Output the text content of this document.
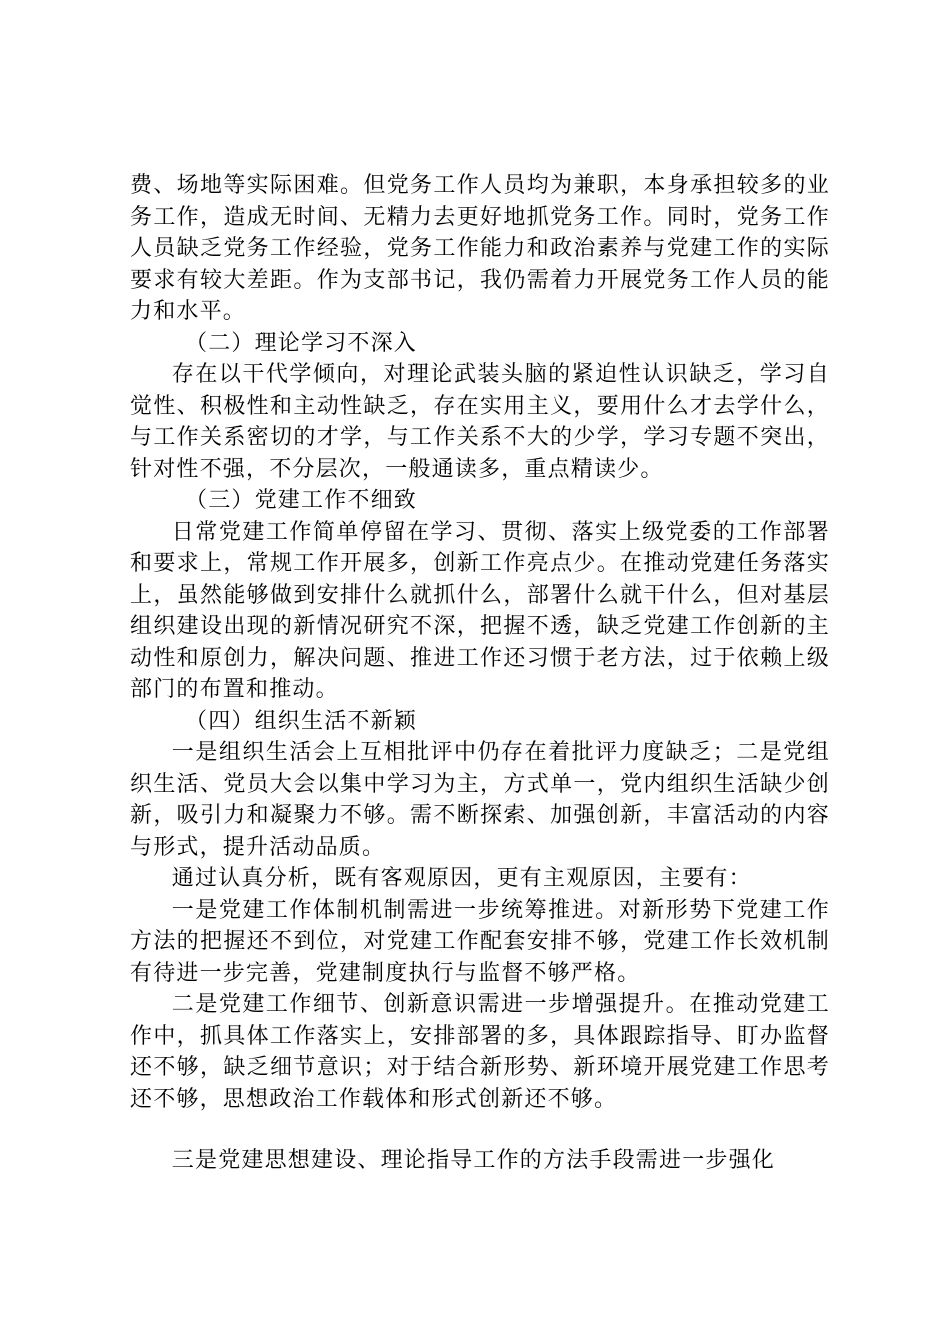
费、场地等实际困难。但党务工作人员均为兼职，本身承担较多的业务工作，造成无时间、无精力去更好地抓党务工作。同时，党务工作人员缺乏党务工作经验，党务工作能力和政治素养与党建工作的实际要求有较大差距。作为支部书记，我仍需着力开展党务工作人员的能力和水平。

（二）理论学习不深入

存在以干代学倾向，对理论武装头脑的紧迫性认识缺乏，学习自觉性、积极性和主动性缺乏，存在实用主义，要用什么才去学什么，与工作关系密切的才学，与工作关系不大的少学，学习专题不突出，针对性不强，不分层次，一般通读多，重点精读少。

（三）党建工作不细致

日常党建工作简单停留在学习、贯彻、落实上级党委的工作部署和要求上，常规工作开展多，创新工作亮点少。在推动党建任务落实上，虽然能够做到安排什么就抓什么，部署什么就干什么，但对基层组织建设出现的新情况研究不深，把握不透，缺乏党建工作创新的主动性和原创力，解决问题、推进工作还习惯于老方法，过于依赖上级部门的布置和推动。

（四）组织生活不新颖

一是组织生活会上互相批评中仍存在着批评力度缺乏；二是党组织生活、党员大会以集中学习为主，方式单一，党内组织生活缺少创新，吸引力和凝聚力不够。需不断探索、加强创新，丰富活动的内容与形式，提升活动品质。

通过认真分析，既有客观原因，更有主观原因，主要有：

一是党建工作体制机制需进一步统筹推进。对新形势下党建工作方法的把握还不到位，对党建工作配套安排不够，党建工作长效机制有待进一步完善，党建制度执行与监督不够严格。

二是党建工作细节、创新意识需进一步增强提升。在推动党建工作中，抓具体工作落实上，安排部署的多，具体跟踪指导、盯办监督还不够，缺乏细节意识；对于结合新形势、新环境开展党建工作思考还不够，思想政治工作载体和形式创新还不够。

三是党建思想建设、理论指导工作的方法手段需进一步强化
